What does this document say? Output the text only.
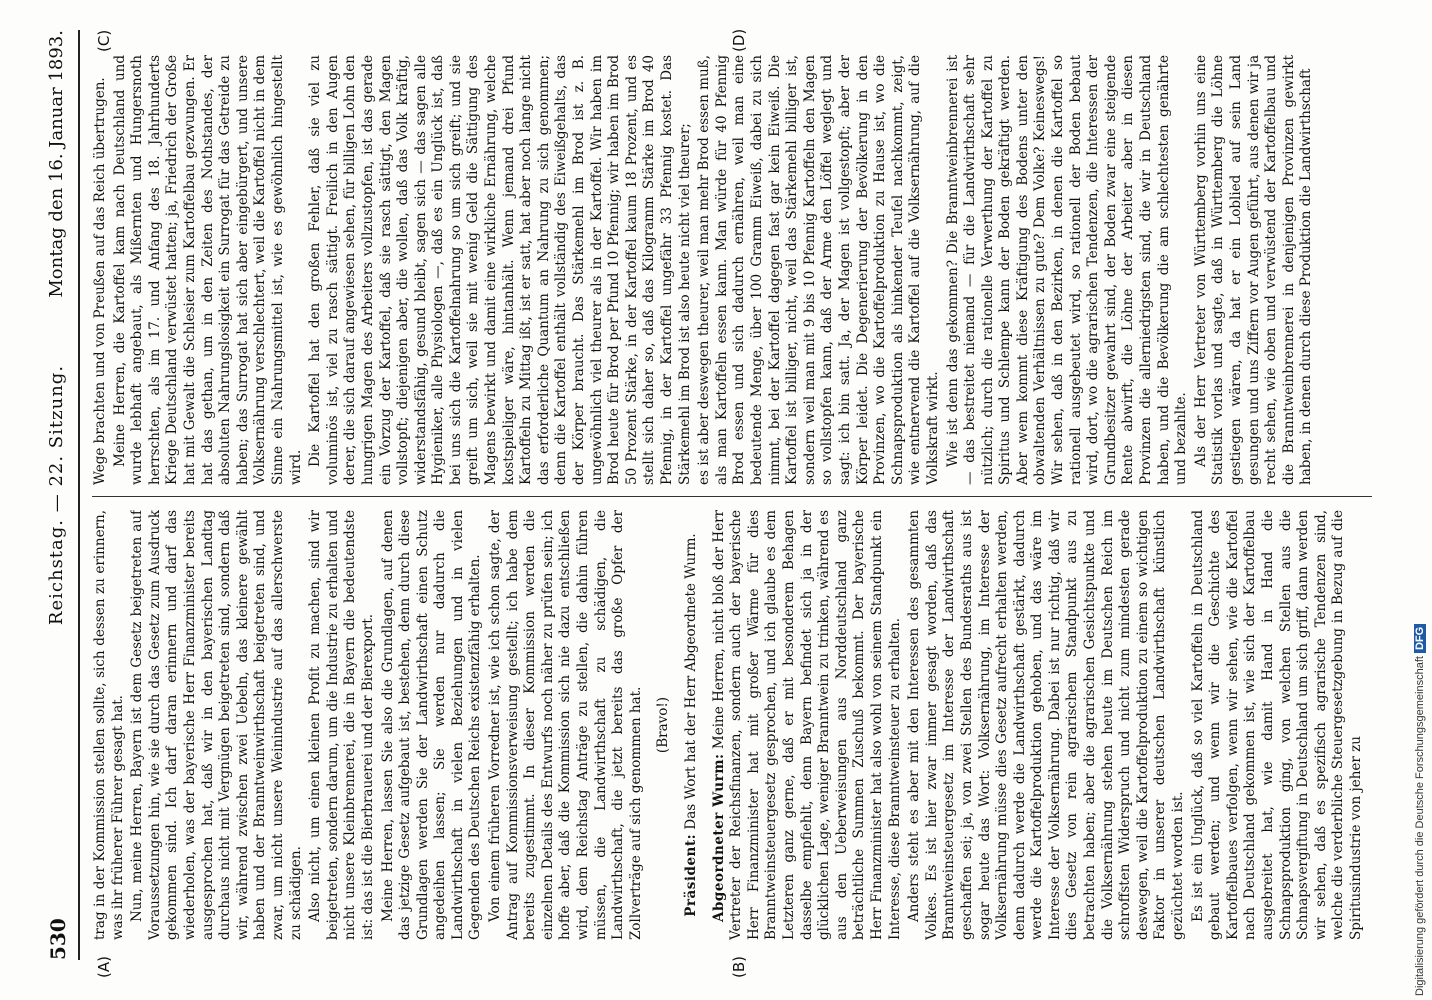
530
Reichstag. — 22. Sitzung.
Montag den 16. Januar 1893.
(A)	(B)
(C)	(D)

trag in der Kommission stellen sollte, sich dessen zu erinnern, was ihr früherer Führer gesagt hat. Nun, meine Herren, Bayern ist dem Gesetz beigetreten auf Voraussetzungen hin, wie sie durch das Gesetz zum Ausdruck gekommen sind. Ich darf daran erinnern und darf das wiederholen, was der bayerische Herr Finanzminister bereits ausgesprochen hat, daß wir in den bayerischen Landtag durchaus nicht mit Vergnügen beigetreten sind, sondern daß wir, während zwischen zwei Uebeln, das kleinere gewählt haben und der Branntweinwirthschaft beigetreten sind, und zwar, um nicht unsere Weinindustrie auf das allerschwerste zu schädigen. Also nicht, um einen kleinen Profit zu machen, sind wir beigetreten, sondern darum, um die Industrie zu erhalten und nicht unsere Kleinbrennerei, die in Bayern die bedeutendste ist: das ist die Bierbrauerei und der Bierexport. Meine Herren, lassen Sie also die Grundlagen, auf denen das jetzige Gesetz aufgebaut ist, bestehen, denn durch diese Grundlagen werden Sie der Landwirthschaft einen Schutz angedeihen lassen; Sie werden nur dadurch die Landwirthschaft in vielen Beziehungen und in vielen Gegenden des Deutschen Reichs existenzfähig erhalten. Von einem früheren Vorredner ist, wie ich schon sagte, der Antrag auf Kommissionsverweisung gestellt; ich habe dem bereits zugestimmt. In dieser Kommission werden die einzelnen Details des Entwurfs noch näher zu prüfen sein; ich hoffe aber, daß die Kommission sich nie dazu entschließen wird, dem Reichstag Anträge zu stellen, die dahin führen müssen, die Landwirthschaft zu schädigen, die Landwirthschaft, die jetzt bereits das große Opfer der Zollverträge auf sich genommen hat. (Bravo!)

Präsident: Das Wort hat der Herr Abgeordnete Wurm.

Abgeordneter Wurm: Meine Herren, nicht bloß der Herr Vertreter der Reichsfinanzen, sondern auch der bayerische Herr Finanzminister hat mit großer Wärme für dies Branntweinsteuergesetz gesprochen, und ich glaube es dem Letzteren ganz gerne, daß er mit besonderem Behagen dasselbe empfiehlt, denn Bayern befindet sich ja in der glücklichen Lage, weniger Branntwein zu trinken, während es aus den Ueberweisungen aus Norddeutschland ganz beträchtliche Summen Zuschuß bekommt. Der bayerische Herr Finanzminister hat also wohl von seinem Standpunkt ein Interesse, diese Branntweinsteuer zu erhalten. Anders steht es aber mit den Interessen des gesammten Volkes. Es ist hier zwar immer gesagt worden, daß das Branntweinsteuergesetz im Interesse der Landwirthschaft geschaffen sei; ja, von zwei Stellen des Bundesraths aus ist sogar heute das Wort: Volksernährung, im Interesse der Volksernährung müsse dies Gesetz aufrecht erhalten werden, denn dadurch werde die Landwirthschaft gestärkt, dadurch werde die Kartoffelproduktion gehoben, und das wäre im Interesse der Volksernährung. Dabei ist nur richtig, daß wir dies Gesetz von rein agrarischem Standpunkt aus zu betrachten haben; aber die agrarischen Gesichtspunkte und die Volksernährung stehen heute im Deutschen Reich im schroffsten Widerspruch und nicht zum mindesten gerade deswegen, weil die Kartoffelproduktion zu einem so wichtigen Faktor in unserer deutschen Landwirthschaft künstlich gezüchtet worden ist. Es ist ein Unglück, daß so viel Kartoffeln in Deutschland gebaut werden; und wenn wir die Geschichte des Kartoffelbaues verfolgen, wenn wir sehen, wie die Kartoffel nach Deutschland gekommen ist, wie sich der Kartoffelbau ausgebreitet hat, wie damit Hand in Hand die Schnapsproduktion ging, von welchen Stellen aus die Schnapsvergiftung in Deutschland um sich griff, dann werden wir sehen, daß es spezifisch agrarische Tendenzen sind, welche die verderbliche Steuergesetzgebung in Bezug auf die Spiritusindustrie von jeher zu

Wege brachten und von Preußen auf das Reich übertrugen. Meine Herren, die Kartoffel kam nach Deutschland und wurde lebhaft angebaut, als Mißernten und Hungersnoth herrschten, als im 17. und Anfang des 18. Jahrhunderts Kriege Deutschland verwüstet hatten; ja, Friedrich der Große hat mit Gewalt die Schlesier zum Kartoffelbau gezwungen. Er hat das gethan, um in den Zeiten des Nothstandes, der absoluten Nahrungslosigkeit ein Surrogat für das Getreide zu haben; das Surrogat hat sich aber eingebürgert, und unsere Volksernährung verschlechtert, weil die Kartoffel nicht in dem Sinne ein Nahrungsmittel ist, wie es gewöhnlich hingestellt wird.

Die Kartoffel hat den großen Fehler, daß sie viel zu voluminös ist, viel zu rasch sättigt. Freilich in den Augen derer, die sich darauf angewiesen sehen, für billigen Lohn den hungrigen Magen des Arbeiters vollzustopfen, ist das gerade ein Vorzug der Kartoffel, daß sie rasch sättigt, den Magen vollstopft; diejenigen aber, die wollen, daß das Volk kräftig, widerstandsfähig, gesund bleibt, sagen sich — das sagen alle Hygieniker, alle Physiologen —, daß es ein Unglück ist, daß bei uns sich die Kartoffelnahrung so um sich greift; und sie greift um sich, weil sie mit wenig Geld die Sättigung des Magens bewirkt und damit eine wirkliche Ernährung, welche kostspieliger wäre, hintanhält. Wenn jemand drei Pfund Kartoffeln zu Mittag ißt, ist er satt, hat aber noch lange nicht das erforderliche Quantum an Nahrung zu sich genommen; denn die Kartoffel enthält vollständig des Eiweißgehalts, das der Körper braucht. Das Stärkemehl im Brod ist z. B. ungewöhnlich viel theurer als in der Kartoffel. Wir haben im Brod heute für Brod per Pfund 10 Pfennig; wir haben im Brod 50 Prozent Stärke, in der Kartoffel kaum 18 Prozent, und es stellt sich daher so, daß das Kilogramm Stärke im Brod 40 Pfennig, in der Kartoffel ungefähr 33 Pfennig kostet. Das Stärkemehl im Brod ist also heute nicht viel theurer; es ist aber deswegen theurer, weil man mehr Brod essen muß, als man Kartoffeln essen kann. Man würde für 40 Pfennig Brod essen und sich dadurch ernähren, weil man eine bedeutende Menge, über 100 Gramm Eiweiß, dabei zu sich nimmt, bei der Kartoffel dagegen fast gar kein Eiweiß. Die Kartoffel ist billiger, nicht, weil das Stärkemehl billiger ist, sondern weil man mit 9 bis 10 Pfennig Kartoffeln den Magen so vollstopfen kann, daß der Arme den Löffel weglegt und sagt: ich bin satt. Ja, der Magen ist vollgestopft; aber der Körper leidet. Die Degenerierung der Bevölkerung in den Provinzen, wo die Kartoffelproduktion zu Hause ist, wo die Schnapsproduktion als hinkender Teufel nachkommt, zeigt, wie entnervend die Kartoffel auf die Volksernährung, auf die Volkskraft wirkt. Wie ist denn das gekommen? Die Branntweinbrennerei ist — das bestreitet niemand — für die Landwirthschaft sehr nützlich; durch die rationelle Verwerthung der Kartoffel zu Spiritus und Schlempe kann der Boden gekräftigt werden. Aber wem kommt diese Kräftigung des Bodens unter den obwaltenden Verhältnissen zu gute? Dem Volke? Keineswegs! Wir sehen, daß in den Bezirken, in denen die Kartoffel so rationell ausgebeutet wird, so rationell der Boden bebaut wird, dort, wo die agrarischen Tendenzen, die Interessen der Grundbesitzer gewahrt sind, der Boden zwar eine steigende Rente abwirft, die Löhne der Arbeiter aber in diesen Provinzen die allerniedrigsten sind, die wir in Deutschland haben, und die Bevölkerung die am schlechtesten genährte und bezahlte. Als der Herr Vertreter von Württemberg vorhin uns eine Statistik vorlas und sagte, daß in Württemberg die Löhne gestiegen wären, da hat er ein Loblied auf sein Land gesungen und uns Ziffern vor Augen geführt, aus denen wir ja recht sehen, wie oben und verwüstend der Kartoffelbau und die Branntweinbrennerei in denjenigen Provinzen gewirkt haben, in denen durch diese Produktion die Landwirthschaft

Digitalisierung gefördert durch die Deutsche ForschungsgemeinschaftDFG
